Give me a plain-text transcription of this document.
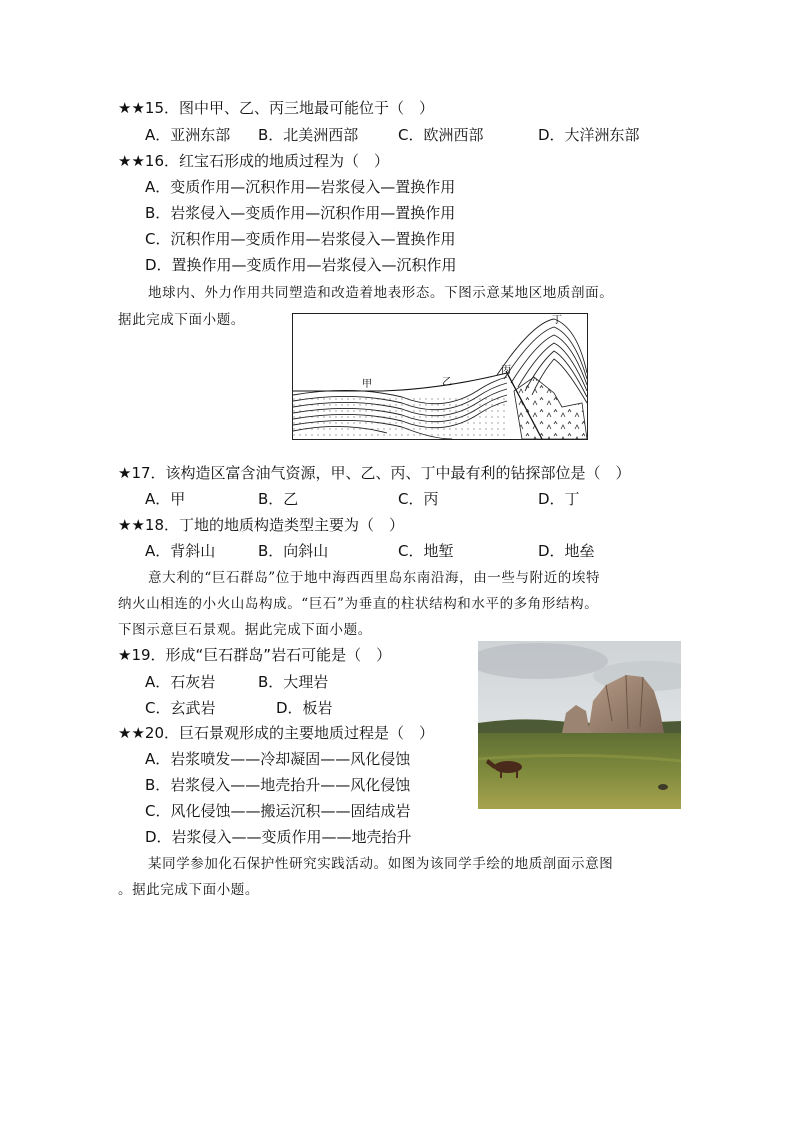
★★15．图中甲、乙、丙三地最可能位于（　）
A．亚洲东部 B．北美洲西部	C．欧洲西部	D．大洋洲东部
★★16．红宝石形成的地质过程为（　）
A．变质作用—沉积作用—岩浆侵入—置换作用
B．岩浆侵入—变质作用—沉积作用—置换作用
C．沉积作用—变质作用—岩浆侵入—置换作用
D．置换作用—变质作用—岩浆侵入—沉积作用
地球内、外力作用共同塑造和改造着地表形态。下图示意某地区地质剖面。
据此完成下面小题。
甲	乙
丙
丁
★17．该构造区富含油气资源，甲、乙、丙、丁中最有利的钻探部位是（　）
A．甲	B．乙	C．丙	D．丁
★★18．丁地的地质构造类型主要为（　）
A．背斜山	B．向斜山	C．地堑	D．地垒
意大利的“巨石群岛”位于地中海西西里岛东南沿海，由一些与附近的埃特
纳火山相连的小火山岛构成。“巨石”为垂直的柱状结构和水平的多角形结构。
下图示意巨石景观。据此完成下面小题。
★19．形成“巨石群岛”岩石可能是（　）
A．石灰岩	B．大理岩
C．玄武岩	D．板岩
★★20．巨石景观形成的主要地质过程是（　）
A．岩浆喷发——冷却凝固——风化侵蚀
B．岩浆侵入——地壳抬升——风化侵蚀
C．风化侵蚀——搬运沉积——固结成岩
D．岩浆侵入——变质作用——地壳抬升
某同学参加化石保护性研究实践活动。如图为该同学手绘的地质剖面示意图
。据此完成下面小题。
